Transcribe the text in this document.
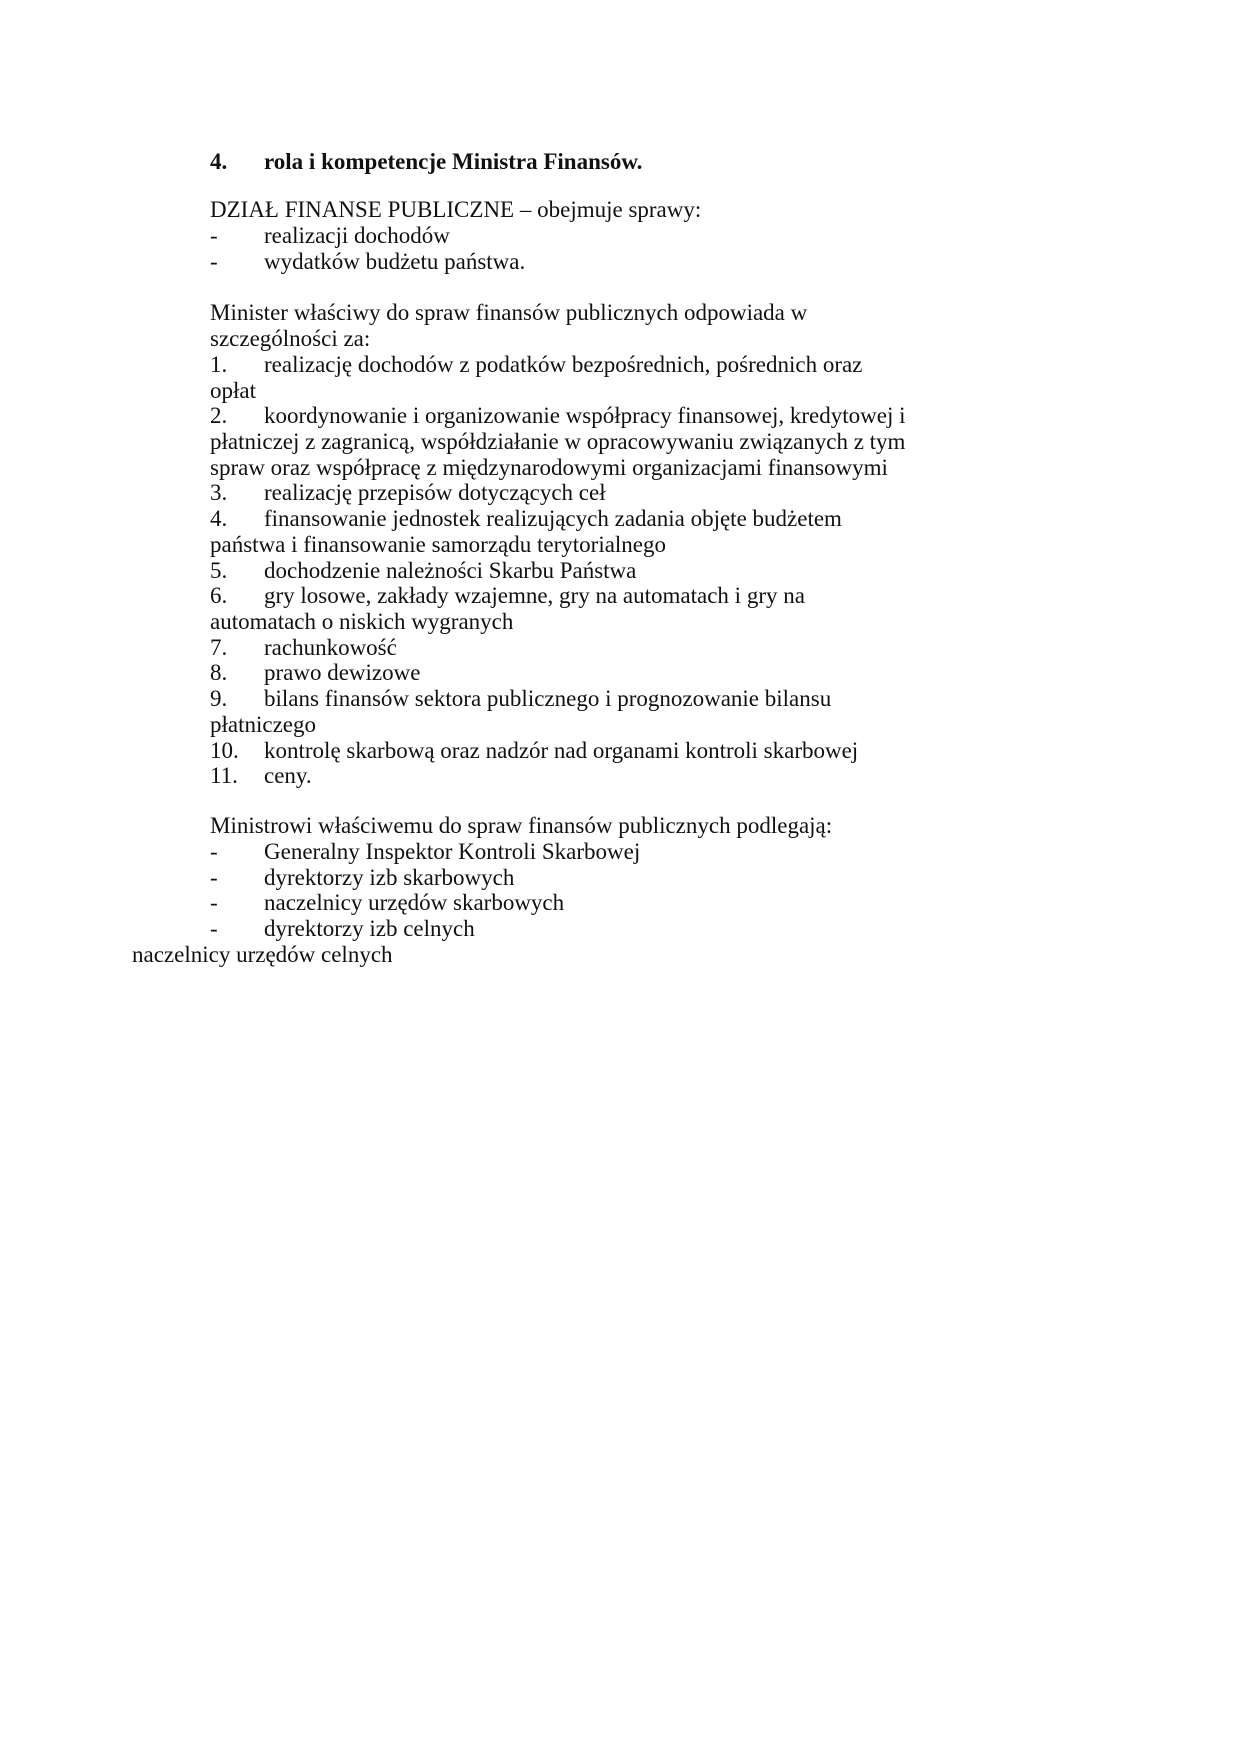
4. rola i kompetencje Ministra Finansów.
DZIAŁ FINANSE PUBLICZNE – obejmuje sprawy:
- realizacji dochodów
- wydatków budżetu państwa.
Minister właściwy do spraw finansów publicznych odpowiada w
szczególności za:
1. realizację dochodów z podatków bezpośrednich, pośrednich oraz
opłat
2. koordynowanie i organizowanie współpracy finansowej, kredytowej i
płatniczej z zagranicą, współdziałanie w opracowywaniu związanych z tym
spraw oraz współpracę z międzynarodowymi organizacjami finansowymi
3. realizację przepisów dotyczących ceł
4. finansowanie jednostek realizujących zadania objęte budżetem
państwa i finansowanie samorządu terytorialnego
5. dochodzenie należności Skarbu Państwa
6. gry losowe, zakłady wzajemne, gry na automatach i gry na
automatach o niskich wygranych
7. rachunkowość
8. prawo dewizowe
9. bilans finansów sektora publicznego i prognozowanie bilansu
płatniczego
10. kontrolę skarbową oraz nadzór nad organami kontroli skarbowej
11. ceny.
Ministrowi właściwemu do spraw finansów publicznych podlegają:
- Generalny Inspektor Kontroli Skarbowej
- dyrektorzy izb skarbowych
- naczelnicy urzędów skarbowych
- dyrektorzy izb celnych
naczelnicy urzędów celnych
